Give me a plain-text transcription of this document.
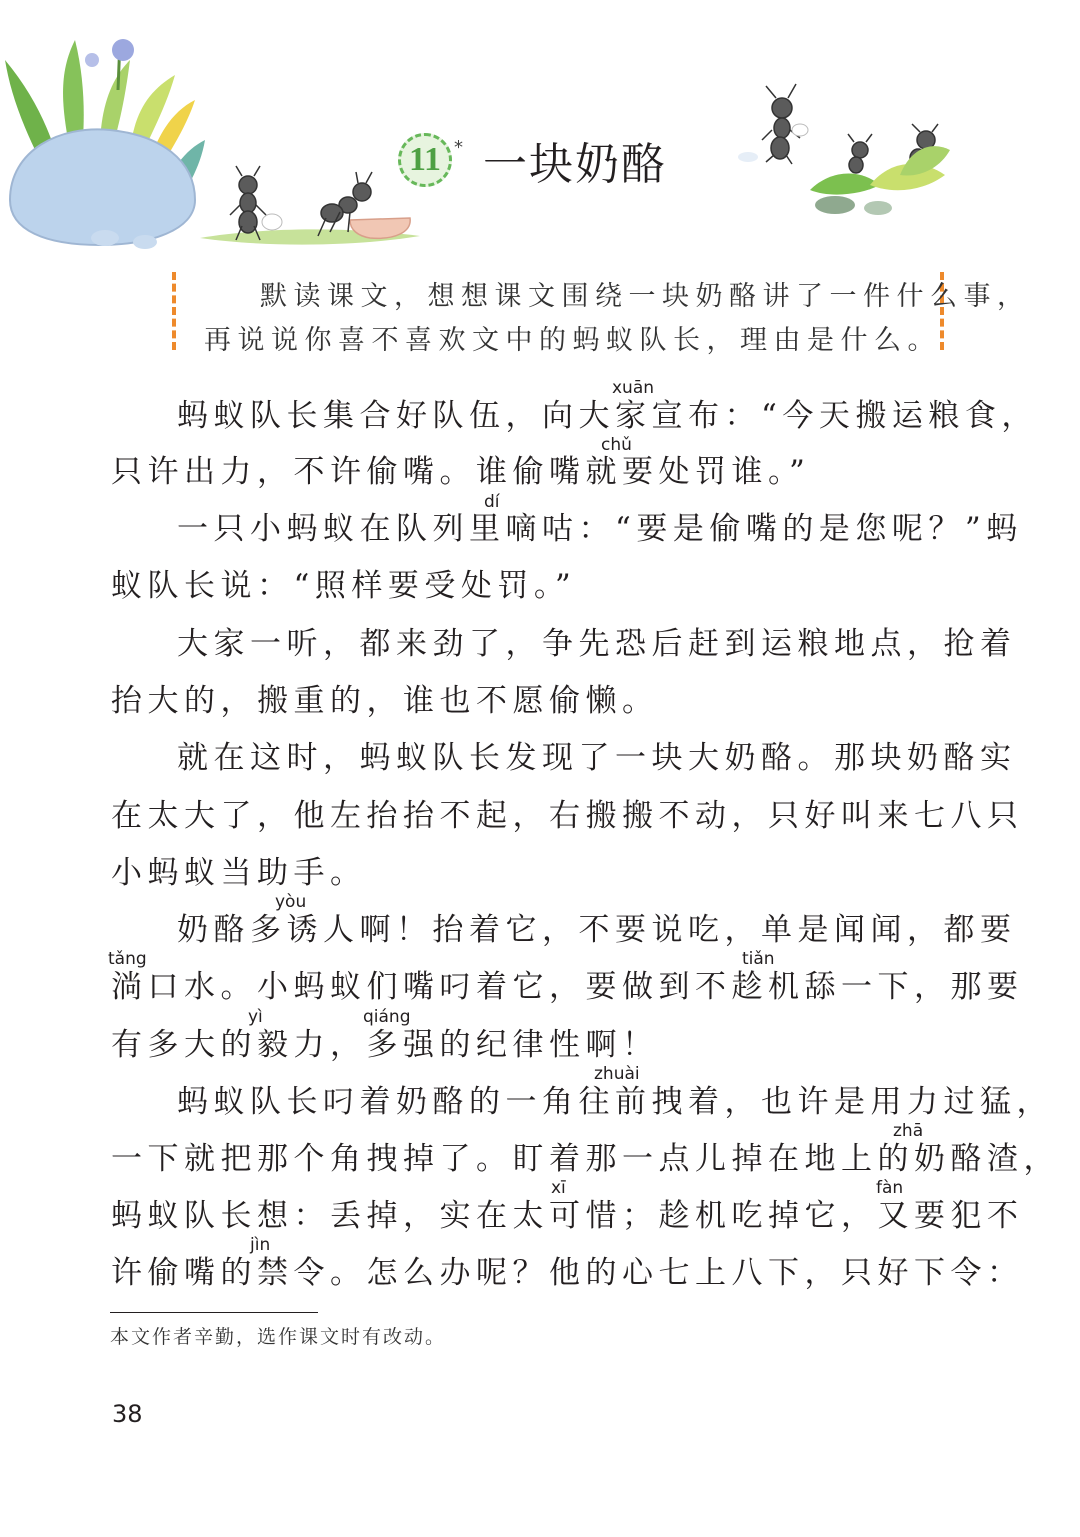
11 * 一块奶酪
默读课文，想想课文围绕一块奶酪讲了一件什么事，
再说说你喜不喜欢文中的蚂蚁队长，理由是什么。
蚂蚁队长集合好队伍，向大家宣布：“今天搬运粮食，
只许出力，不许偷嘴。谁偷嘴就要处罚谁。”
一只小蚂蚁在队列里嘀咕：“要是偷嘴的是您呢？”蚂
蚁队长说：“照样要受处罚。”
大家一听，都来劲了，争先恐后赶到运粮地点，抢着
抬大的，搬重的，谁也不愿偷懒。
就在这时，蚂蚁队长发现了一块大奶酪。那块奶酪实
在太大了，他左抬抬不起，右搬搬不动，只好叫来七八只
小蚂蚁当助手。
奶酪多诱人啊！抬着它，不要说吃，单是闻闻，都要
淌口水。小蚂蚁们嘴叼着它，要做到不趁机舔一下，那要
有多大的毅力，多强的纪律性啊！
蚂蚁队长叼着奶酪的一角往前拽着，也许是用力过猛，
一下就把那个角拽掉了。盯着那一点儿掉在地上的奶酪渣，
蚂蚁队长想：丢掉，实在太可惜；趁机吃掉它，又要犯不
许偷嘴的禁令。怎么办呢？他的心七上八下，只好下令：
xuān
chǔ
dí
yòu
tǎng	tiǎn
yì	qiáng
zhuài
zhā
xī	fàn
jìn
本文作者辛勤，选作课文时有改动。
38
